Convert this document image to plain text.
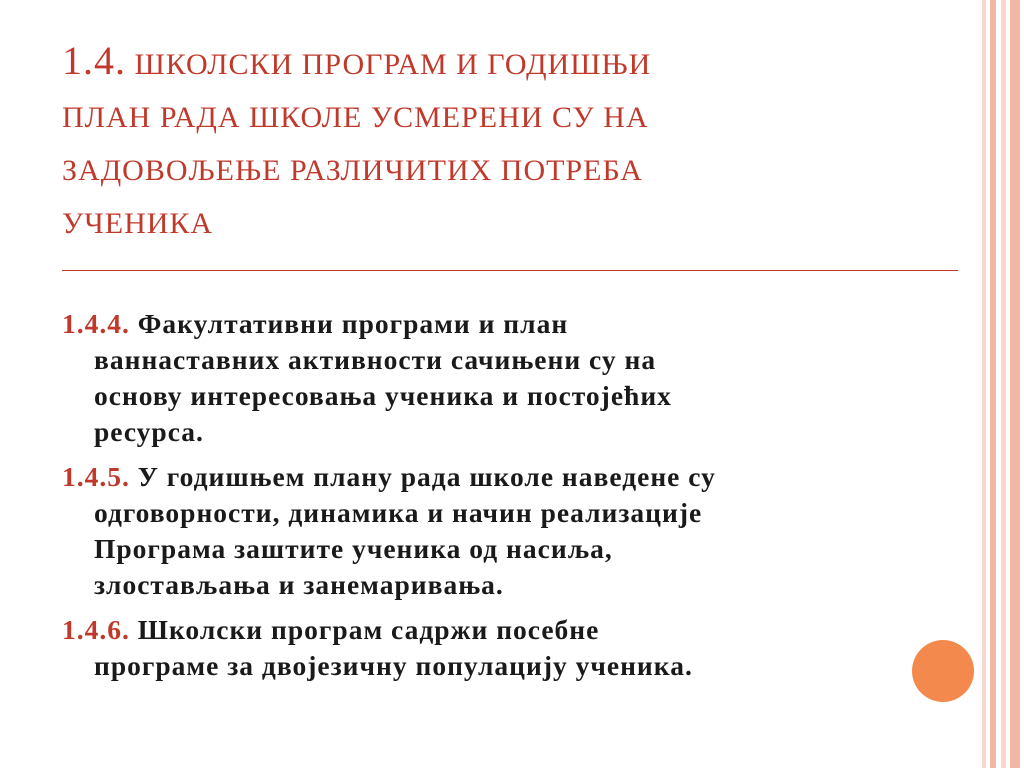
1.4. ШКОЛСКИ ПРОГРАМ И ГОДИШЊИ
ПЛАН РАДА ШКОЛЕ УСМЕРЕНИ СУ НА
ЗАДОВОЉЕЊЕ РАЗЛИЧИТИХ ПОТРЕБА
УЧЕНИКА
1.4.4. Факултативни програми и план
ваннаставних активности сачињени су на
основу интересовања ученика и постојећих
ресурса.
1.4.5. У годишњем плану рада школе наведене су
одговорности, динамика и начин реализације
Програма заштите ученика од насиља,
злостављања и занемаривања.
1.4.6. Школски програм садржи посебне
програме за двојезичну популацију ученика.
